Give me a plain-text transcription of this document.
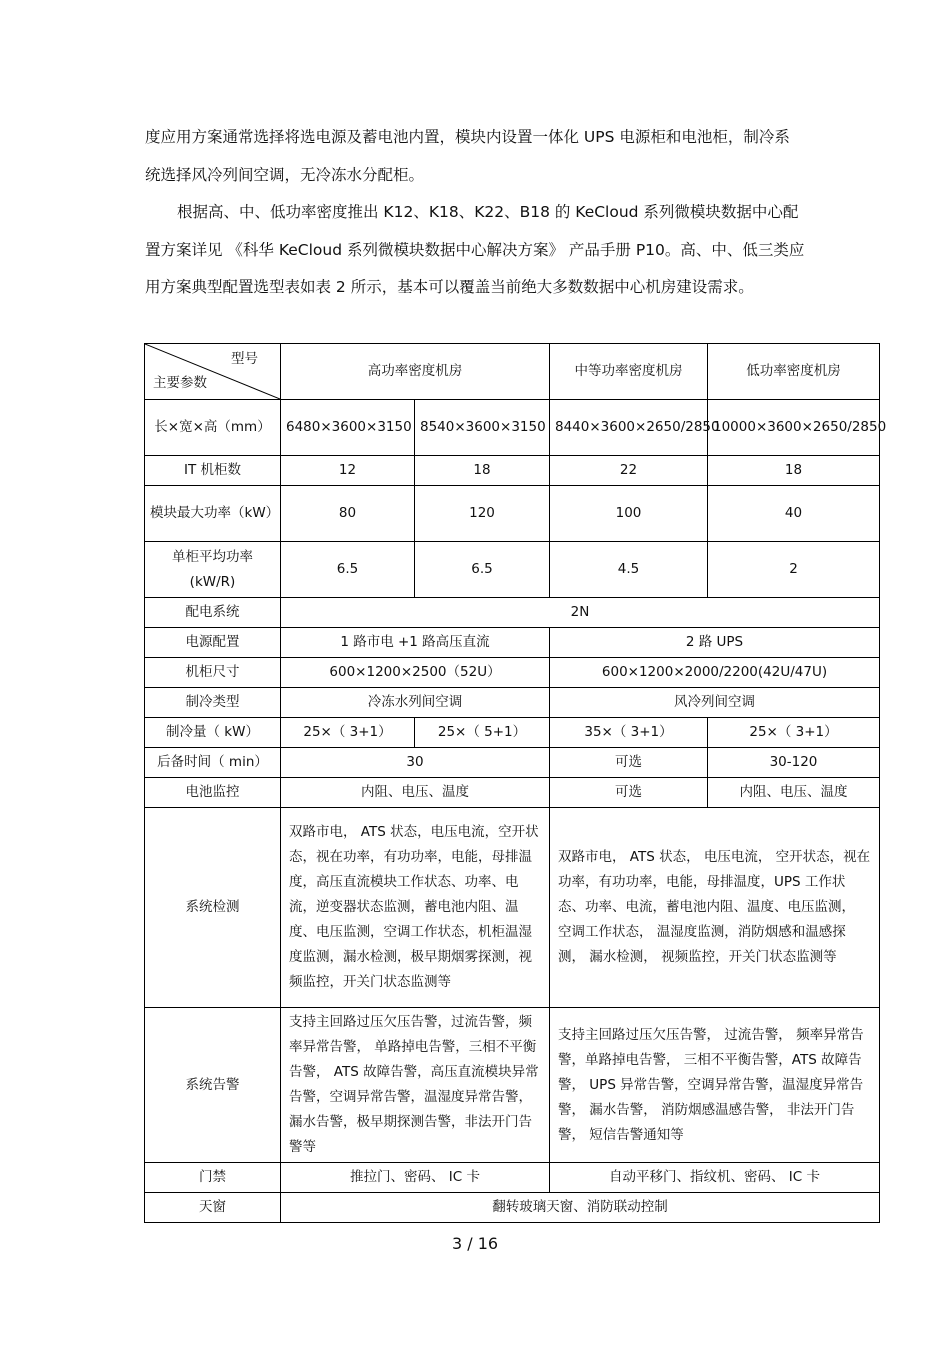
度应用方案通常选择将选电源及蓄电池内置，模块内设置一体化 UPS 电源柜和电池柜，制冷系统选择风冷列间空调，无冷冻水分配柜。

根据高、中、低功率密度推出 K12、K18、K22、B18 的 KeCloud 系列微模块数据中心配置方案详见 《科华 KeCloud 系列微模块数据中心解决方案》 产品手册 P10。高、中、低三类应用方案典型配置选型表如表 2 所示，基本可以覆盖当前绝大多数数据中心机房建设需求。

型号
主要参数	高功率密度机房		中等功率密度机房	低功率密度机房
长×宽×高（mm）	6480×3600×3150	8540×3600×3150	8440×3600×2650/2850	10000×3600×2650/2850
IT 机柜数	12	18	22	18
模块最大功率（kW）	80	120	100	40
单柜平均功率(kW/R)	6.5	6.5	4.5	2
配电系统	2N			
电源配置	1 路市电 +1 路高压直流		2 路 UPS	
机柜尺寸	600×1200×2500（52U）		600×1200×2000/2200(42U/47U)	
制冷类型	冷冻水列间空调		风冷列间空调	
制冷量（ kW）	25×（ 3+1）	25×（ 5+1）	35×（ 3+1）	25×（ 3+1）
后备时间（ min）	30		可选	30-120
电池监控	内阻、电压、温度		可选	内阻、电压、温度
系统检测	双路市电， ATS 状态，电压电流，空开状态，视在功率，有功功率，电能，母排温度，高压直流模块工作状态、功率、电流，逆变器状态监测，蓄电池内阻、温度、电压监测，空调工作状态，机柜温湿度监测，漏水检测，极早期烟雾探测，视频监控，开关门状态监测等		双路市电， ATS 状态， 电压电流， 空开状态，视在功率，有功功率，电能，母排温度，UPS 工作状态、功率、电流，蓄电池内阻、温度、电压监测， 空调工作状态， 温湿度监测，消防烟感和温感探测， 漏水检测， 视频监控，开关门状态监测等	
系统告警	支持主回路过压欠压告警，过流告警，频率异常告警， 单路掉电告警，三相不平衡告警， ATS 故障告警，高压直流模块异常告警，空调异常告警，温湿度异常告警， 漏水告警，极早期探测告警，非法开门告警等		支持主回路过压欠压告警， 过流告警， 频率异常告警，单路掉电告警， 三相不平衡告警，ATS 故障告警， UPS 异常告警，空调异常告警，温湿度异常告警， 漏水告警， 消防烟感温感告警， 非法开门告警， 短信告警通知等	
门禁	推拉门、密码、 IC 卡		自动平移门、指纹机、密码、 IC 卡	
天窗	翻转玻璃天窗、消防联动控制			
3 / 16
